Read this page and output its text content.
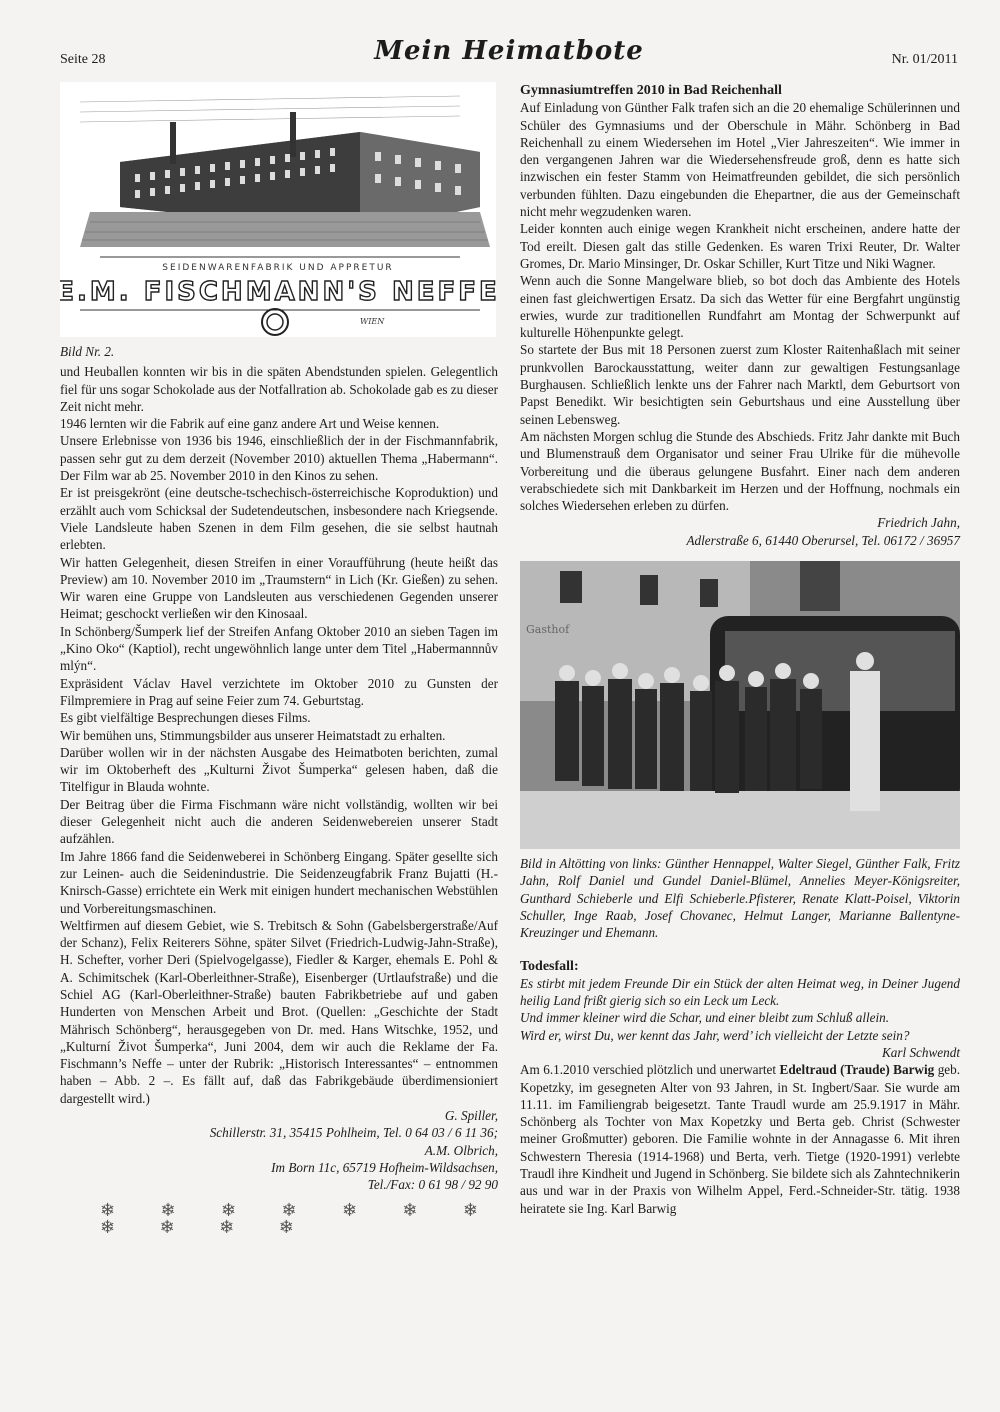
Seite 28	Mein Heimatbote	Nr. 01/2011
SEIDENWARENFABRIK UND APPRETUR
E.M. FISCHMANN'S NEFFE
WIEN
Bild Nr. 2.

und Heuballen konnten wir bis in die späten Abendstunden spielen. Gelegentlich fiel für uns sogar Schokolade aus der Notfallration ab. Schokolade gab es zu dieser Zeit nicht mehr.

1946 lernten wir die Fabrik auf eine ganz andere Art und Weise kennen.

Unsere Erlebnisse von 1936 bis 1946, einschließlich der in der Fischmannfabrik, passen sehr gut zu dem derzeit (November 2010) aktuellen Thema „Habermann“. Der Film war ab 25. November 2010 in den Kinos zu sehen.

Er ist preisgekrönt (eine deutsche-tschechisch-österreichische Koproduktion) und erzählt auch vom Schicksal der Sudetendeutschen, insbesondere nach Kriegsende. Viele Landsleute haben Szenen in dem Film gesehen, die sie selbst hautnah erlebten.

Wir hatten Gelegenheit, diesen Streifen in einer Voraufführung (heute heißt das Preview) am 10. November 2010 im „Traumstern“ in Lich (Kr. Gießen) zu sehen. Wir waren eine Gruppe von Landsleuten aus verschiedenen Gegenden unserer Heimat; geschockt verließen wir den Kinosaal.

In Schönberg/Šumperk lief der Streifen Anfang Oktober 2010 an sieben Tagen im „Kino Oko“ (Kaptiol), recht ungewöhnlich lange unter dem Titel „Habermannnův mlýn“.

Expräsident Václav Havel verzichtete im Oktober 2010 zu Gunsten der Filmpremiere in Prag auf seine Feier zum 74. Geburtstag.

Es gibt vielfältige Besprechungen dieses Films.

Wir bemühen uns, Stimmungsbilder aus unserer Heimatstadt zu erhalten.

Darüber wollen wir in der nächsten Ausgabe des Heimatboten berichten, zumal wir im Oktoberheft des „Kulturni Život Šumperka“ gelesen haben, daß die Titelfigur in Blauda wohnte.

Der Beitrag über die Firma Fischmann wäre nicht vollständig, wollten wir bei dieser Gelegenheit nicht auch die anderen Seidenwebereien unserer Stadt aufzählen.

Im Jahre 1866 fand die Seidenweberei in Schönberg Eingang. Später gesellte sich zur Leinen- auch die Seidenindustrie. Die Seidenzeugfabrik Franz Bujatti (H.-Knirsch-Gasse) errichtete ein Werk mit einigen hundert mechanischen Webstühlen und Vorbereitungsmaschinen.

Weltfirmen auf diesem Gebiet, wie S. Trebitsch & Sohn (Gabelsbergerstraße/Auf der Schanz), Felix Reiterers Söhne, später Silvet (Friedrich-Ludwig-Jahn-Straße), H. Schefter, vorher Deri (Spielvogelgasse), Fiedler & Karger, ehemals E. Pohl & A. Schimitschek (Karl-Oberleithner-Straße), Eisenberger (Urtlaufstraße) und die Schiel AG (Karl-Oberleithner-Straße) bauten Fabrikbetriebe auf und gaben Hunderten von Menschen Arbeit und Brot. (Quellen: „Geschichte der Stadt Mährisch Schönberg“, herausgegeben von Dr. med. Hans Witschke, 1952, und „Kulturní Život Šumperka“, Juni 2004, dem wir auch die Reklame der Fa. Fischmann’s Neffe – unter der Rubrik: „Historisch Interessantes“ – entnommen haben – Abb. 2 –. Es fällt auf, daß das Fabrikgebäude überdimensioniert dargestellt wird.)

G. Spiller,
Schillerstr. 31, 35415 Pohlheim, Tel. 0 64 03 / 6 11 36;
A.M. Olbrich,
Im Born 11c, 65719 Hofheim-Wildsachsen,
Tel./Fax: 0 61 98 / 92 90
❄ ❄ ❄ ❄ ❄ ❄ ❄ ❄ ❄ ❄ ❄
Gymnasiumtreffen 2010 in Bad Reichenhall

Auf Einladung von Günther Falk trafen sich an die 20 ehemalige Schülerinnen und Schüler des Gymnasiums und der Oberschule in Mähr. Schönberg in Bad Reichenhall zu einem Wiedersehen im Hotel „Vier Jahreszeiten“. Wie immer in den vergangenen Jahren war die Wiedersehensfreude groß, denn es hatte sich inzwischen ein fester Stamm von Heimatfreunden gebildet, die sich persönlich verbunden fühlten. Dazu eingebunden die Ehepartner, die aus der Gemeinschaft nicht mehr wegzudenken waren.

Leider konnten auch einige wegen Krankheit nicht erscheinen, andere hatte der Tod ereilt. Diesen galt das stille Gedenken. Es waren Trixi Reuter, Dr. Walter Gromes, Dr. Mario Minsinger, Dr. Oskar Schiller, Kurt Titze und Niki Wagner.

Wenn auch die Sonne Mangelware blieb, so bot doch das Ambiente des Hotels einen fast gleichwertigen Ersatz. Da sich das Wetter für eine Bergfahrt ungünstig erwies, wurde zur traditionellen Rundfahrt am Montag der Schwerpunkt auf kulturelle Höhenpunkte gelegt.

So startete der Bus mit 18 Personen zuerst zum Kloster Raitenhaßlach mit seiner prunkvollen Barockausstattung, weiter dann zur gewaltigen Festungsanlage Burghausen. Schließlich lenkte uns der Fahrer nach Marktl, dem Geburtsort von Papst Benedikt. Wir besichtigten sein Geburtshaus und eine Ausstellung über seinen Lebensweg.

Am nächsten Morgen schlug die Stunde des Abschieds. Fritz Jahr dankte mit Buch und Blumenstrauß dem Organisator und seiner Frau Ulrike für die mühevolle Vorbereitung und die überaus gelungene Busfahrt. Einer nach dem anderen verabschiedete sich mit Dankbarkeit im Herzen und der Hoffnung, nochmals ein solches Wiedersehen erleben zu dürfen.

Friedrich Jahn,
Adlerstraße 6, 61440 Oberursel, Tel. 06172 / 36957
Gasthof
Bild in Altötting von links: Günther Hennappel, Walter Siegel, Günther Falk, Fritz Jahn, Rolf Daniel und Gundel Daniel-Blümel, Annelies Meyer-Königsreiter, Gunthard Schieberle und Elfi Schieberle.Pfisterer, Renate Klatt-Poisel, Viktorin Schuller, Inge Raab, Josef Chovanec, Helmut Langer, Marianne Ballentyne-Kreuzinger und Ehemann.
Todesfall:

Es stirbt mit jedem Freunde Dir ein Stück der alten Heimat weg, in Deiner Jugend heilig Land frißt gierig sich so ein Leck um Leck.

Und immer kleiner wird die Schar, und einer bleibt zum Schluß allein.

Wird er, wirst Du, wer kennt das Jahr, werd’ ich vielleicht der Letzte sein?

Karl Schwendt

Am 6.1.2010 verschied plötzlich und unerwartet Edeltraud (Traude) Barwig geb. Kopetzky, im gesegneten Alter von 93 Jahren, in St. Ingbert/Saar. Sie wurde am 11.11. im Familiengrab beigesetzt. Tante Traudl wurde am 25.9.1917 in Mähr. Schönberg als Tochter von Max Kopetzky und Berta geb. Christ (Schwester meiner Großmutter) geboren. Die Familie wohnte in der Annagasse 6. Mit ihren Schwestern Theresia (1914-1968) und Berta, verh. Tietge (1920-1991) verlebte Traudl ihre Kindheit und Jugend in Schönberg. Sie bildete sich als Zahntechnikerin aus und war in der Praxis von Wilhelm Appel, Ferd.-Schneider-Str. tätig. 1938 heiratete sie Ing. Karl Barwig
